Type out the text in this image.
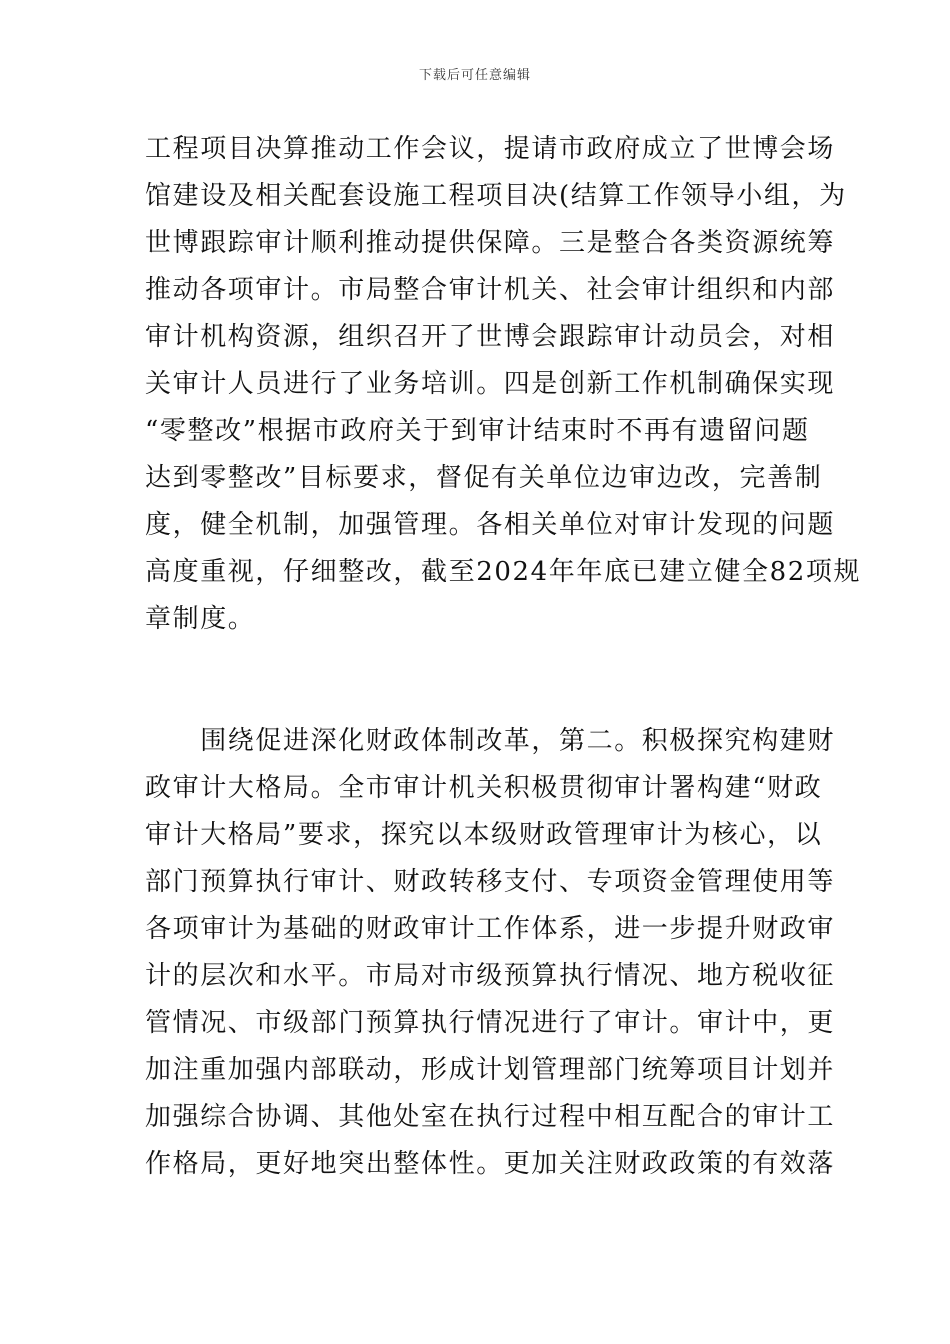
下载后可任意编辑
工程项目决算推动工作会议，提请市政府成立了世博会场
馆建设及相关配套设施工程项目决(结算工作领导小组，为
世博跟踪审计顺利推动提供保障。三是整合各类资源统筹
推动各项审计。市局整合审计机关、社会审计组织和内部
审计机构资源，组织召开了世博会跟踪审计动员会，对相
关审计人员进行了业务培训。四是创新工作机制确保实现
“零整改”根据市政府关于到审计结束时不再有遗留问题
达到零整改”目标要求，督促有关单位边审边改，完善制
度，健全机制，加强管理。各相关单位对审计发现的问题
高度重视，仔细整改，截至2024年年底已建立健全82项规
章制度。
　　围绕促进深化财政体制改革，第二。积极探究构建财
政审计大格局。全市审计机关积极贯彻审计署构建“财政
审计大格局”要求，探究以本级财政管理审计为核心，以
部门预算执行审计、财政转移支付、专项资金管理使用等
各项审计为基础的财政审计工作体系，进一步提升财政审
计的层次和水平。市局对市级预算执行情况、地方税收征
管情况、市级部门预算执行情况进行了审计。审计中，更
加注重加强内部联动，形成计划管理部门统筹项目计划并
加强综合协调、其他处室在执行过程中相互配合的审计工
作格局，更好地突出整体性。更加关注财政政策的有效落
